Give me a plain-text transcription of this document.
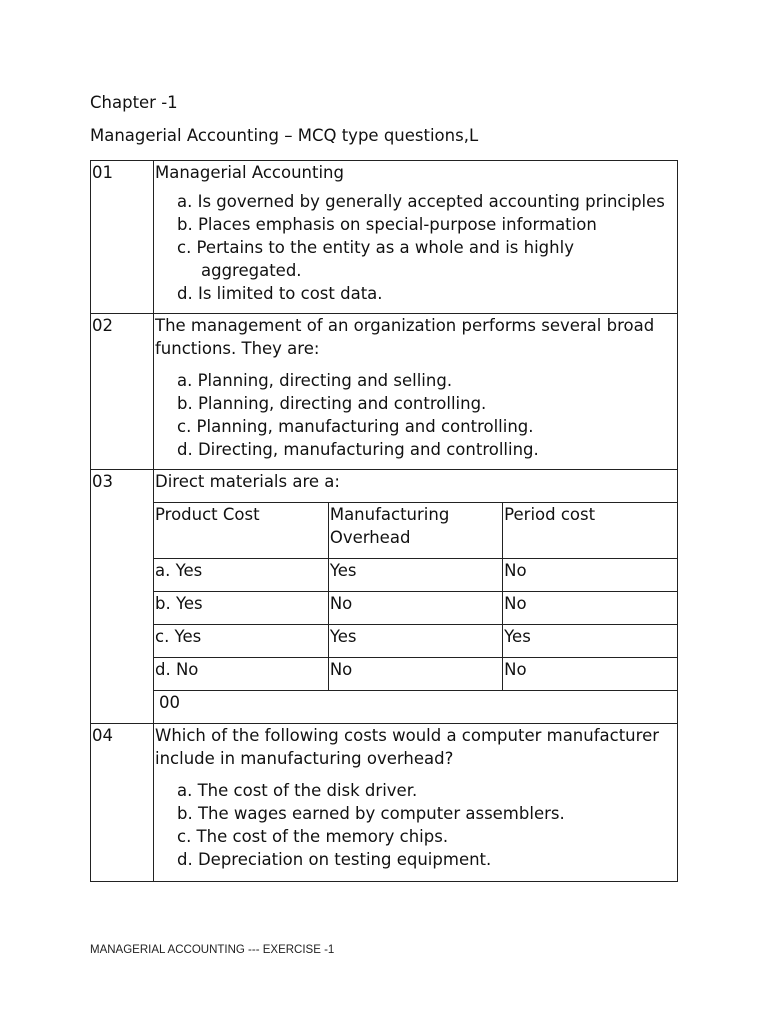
Chapter -1
Managerial Accounting – MCQ type questions,L
01	Managerial Accounting
a. Is governed by generally accepted accounting principles
b. Places emphasis on special-purpose information
c. Pertains to the entity as a whole and is highly aggregated.
d. Is limited to cost data.

02	The management of an organization performs several broad functions. They are:
a. Planning, directing and selling.
b. Planning, directing and controlling.
c. Planning, manufacturing and controlling.
d. Directing, manufacturing and controlling.

03		Direct materials are a:
Product Cost	Manufacturing Overhead	Period cost
a. Yes	Yes	No
b. Yes	No	No
c. Yes	Yes	Yes
d. No	No	No
00

04	Which of the following costs would a computer manufacturer include in manufacturing overhead?
a. The cost of the disk driver.
b. The wages earned by computer assemblers.
c. The cost of the memory chips.
d. Depreciation on testing equipment.
MANAGERIAL ACCOUNTING --- EXERCISE -1
